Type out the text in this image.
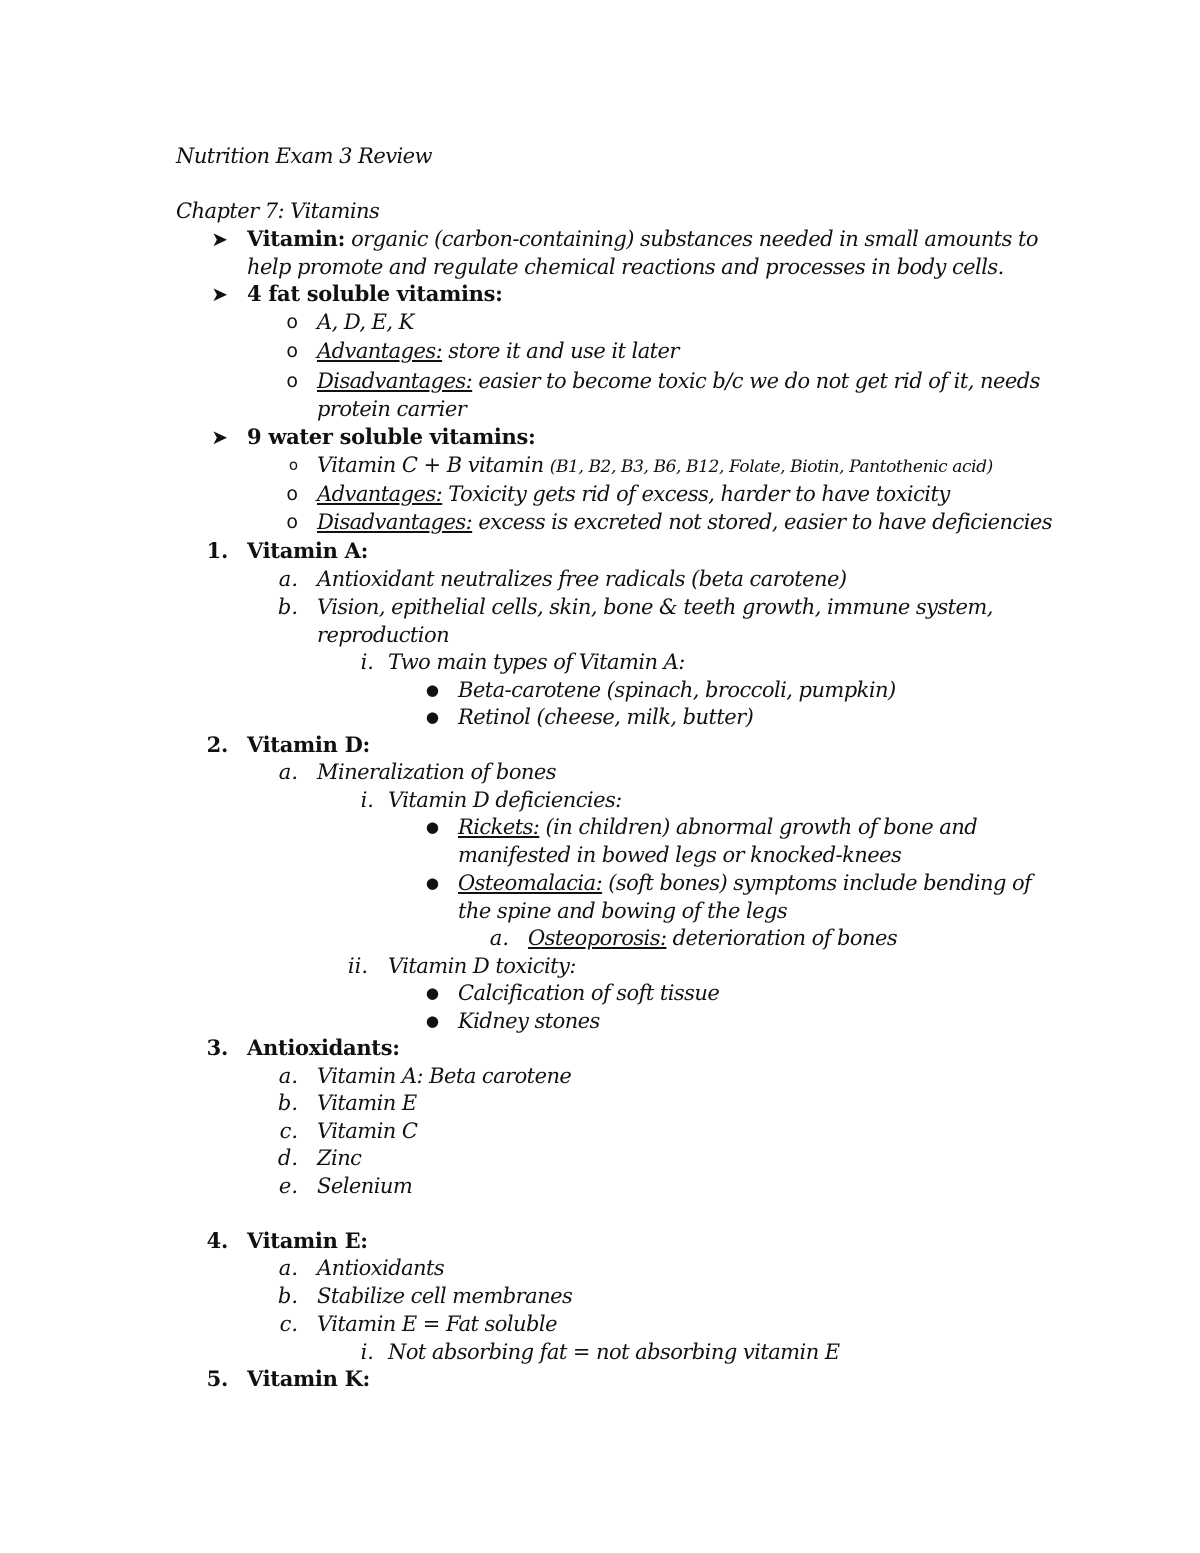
Nutrition Exam 3 Review
Chapter 7: Vitamins
➤ Vitamin: organic (carbon-containing) substances needed in small amounts to
help promote and regulate chemical reactions and processes in body cells.
➤ 4 fat soluble vitamins:
o A, D, E, K
o Advantages: store it and use it later
o Disadvantages: easier to become toxic b/c we do not get rid of it, needs
protein carrier
➤ 9 water soluble vitamins:
o Vitamin C + B vitamin (B1, B2, B3, B6, B12, Folate, Biotin, Pantothenic acid)
o Advantages: Toxicity gets rid of excess, harder to have toxicity
o Disadvantages: excess is excreted not stored, easier to have deficiencies
1. Vitamin A:
a. Antioxidant neutralizes free radicals (beta carotene)
b. Vision, epithelial cells, skin, bone & teeth growth, immune system,
reproduction
i. Two main types of Vitamin A:
● Beta-carotene (spinach, broccoli, pumpkin)
● Retinol (cheese, milk, butter)
2. Vitamin D:
a. Mineralization of bones
i. Vitamin D deficiencies:
● Rickets: (in children) abnormal growth of bone and
manifested in bowed legs or knocked-knees
● Osteomalacia: (soft bones) symptoms include bending of
the spine and bowing of the legs
a. Osteoporosis: deterioration of bones
ii. Vitamin D toxicity:
● Calcification of soft tissue
● Kidney stones
3. Antioxidants:
a. Vitamin A: Beta carotene
b. Vitamin E
c. Vitamin C
d. Zinc
e. Selenium
4. Vitamin E:
a. Antioxidants
b. Stabilize cell membranes
c. Vitamin E = Fat soluble
i. Not absorbing fat = not absorbing vitamin E
5. Vitamin K:
